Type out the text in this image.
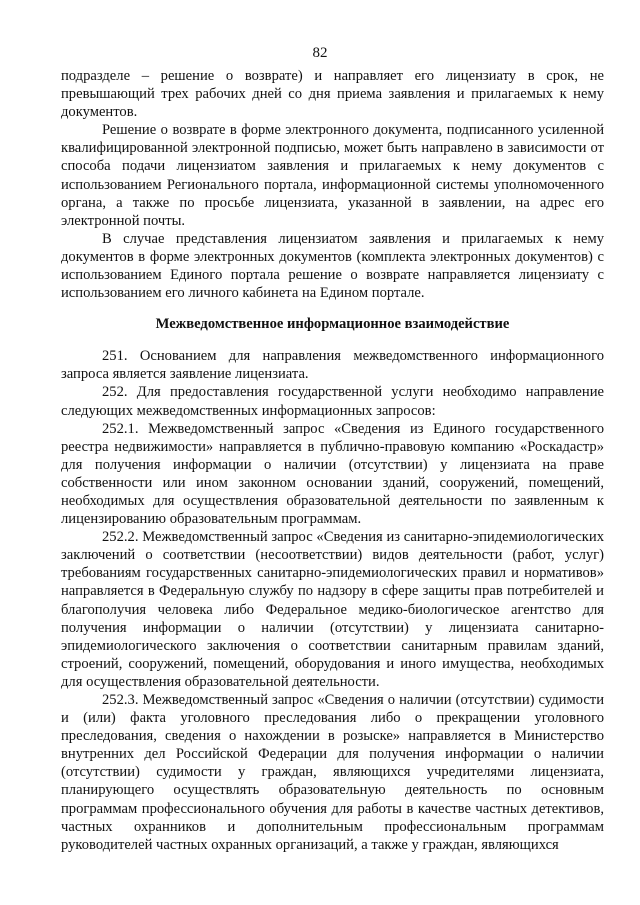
82

подразделе – решение о возврате) и направляет его лицензиату в срок, не превышающий трех рабочих дней со дня приема заявления и прилагаемых к нему документов.

Решение о возврате в форме электронного документа, подписанного усиленной квалифицированной электронной подписью, может быть направлено в зависимости от способа подачи лицензиатом заявления и прилагаемых к нему документов с использованием Регионального портала, информационной системы уполномоченного органа, а также по просьбе лицензиата, указанной в заявлении, на адрес его электронной почты.

В случае представления лицензиатом заявления и прилагаемых к нему документов в форме электронных документов (комплекта электронных документов) с использованием Единого портала решение о возврате направляется лицензиату с использованием его личного кабинета на Едином портале.

Межведомственное информационное взаимодействие

251. Основанием для направления межведомственного информационного запроса является заявление лицензиата.

252. Для предоставления государственной услуги необходимо направление следующих межведомственных информационных запросов:

252.1. Межведомственный запрос «Сведения из Единого государственного реестра недвижимости» направляется в публично-правовую компанию «Роскадастр» для получения информации о наличии (отсутствии) у лицензиата на праве собственности или ином законном основании зданий, сооружений, помещений, необходимых для осуществления образовательной деятельности по заявленным к лицензированию образовательным программам.

252.2. Межведомственный запрос «Сведения из санитарно-эпидемиологических заключений о соответствии (несоответствии) видов деятельности (работ, услуг) требованиям государственных санитарно-эпидемиологических правил и нормативов» направляется в Федеральную службу по надзору в сфере защиты прав потребителей и благополучия человека либо Федеральное медико-биологическое агентство для получения информации о наличии (отсутствии) у лицензиата санитарно-эпидемиологического заключения о соответствии санитарным правилам зданий, строений, сооружений, помещений, оборудования и иного имущества, необходимых для осуществления образовательной деятельности.

252.3. Межведомственный запрос «Сведения о наличии (отсутствии) судимости и (или) факта уголовного преследования либо о прекращении уголовного преследования, сведения о нахождении в розыске» направляется в Министерство внутренних дел Российской Федерации для получения информации о наличии (отсутствии) судимости у граждан, являющихся учредителями лицензиата, планирующего осуществлять образовательную деятельность по основным программам профессионального обучения для работы в качестве частных детективов, частных охранников и дополнительным профессиональным программам руководителей частных охранных организаций, а также у граждан, являющихся
